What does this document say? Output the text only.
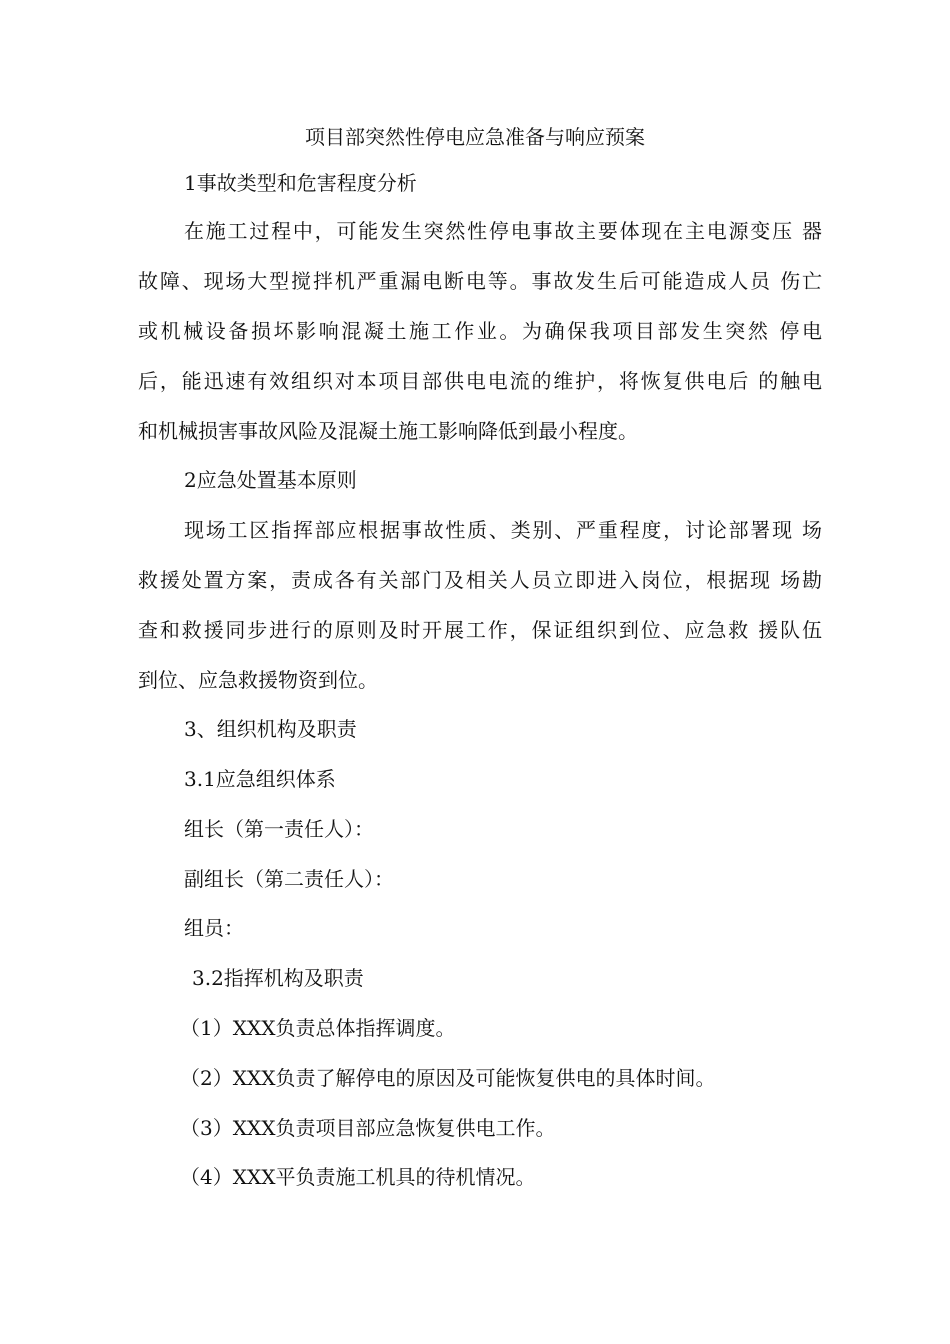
项目部突然性停电应急准备与响应预案
1事故类型和危害程度分析
在施工过程中，可能发生突然性停电事故主要体现在主电源变压 器
故障、现场大型搅拌机严重漏电断电等。事故发生后可能造成人员 伤亡
或机械设备损坏影响混凝土施工作业。为确保我项目部发生突然 停电
后，能迅速有效组织对本项目部供电电流的维护，将恢复供电后 的触电
和机械损害事故风险及混凝土施工影响降低到最小程度。
2应急处置基本原则
现场工区指挥部应根据事故性质、类别、严重程度，讨论部署现 场
救援处置方案，责成各有关部门及相关人员立即进入岗位，根据现 场勘
查和救援同步进行的原则及时开展工作，保证组织到位、应急救 援队伍
到位、应急救援物资到位。
3、组织机构及职责
3.1应急组织体系
组长（第一责任人）：
副组长（第二责任人）：
组员：
3.2指挥机构及职责
（1）XXX负责总体指挥调度。
（2）XXX负责了解停电的原因及可能恢复供电的具体时间。
（3）XXX负责项目部应急恢复供电工作。
（4）XXX平负责施工机具的待机情况。
